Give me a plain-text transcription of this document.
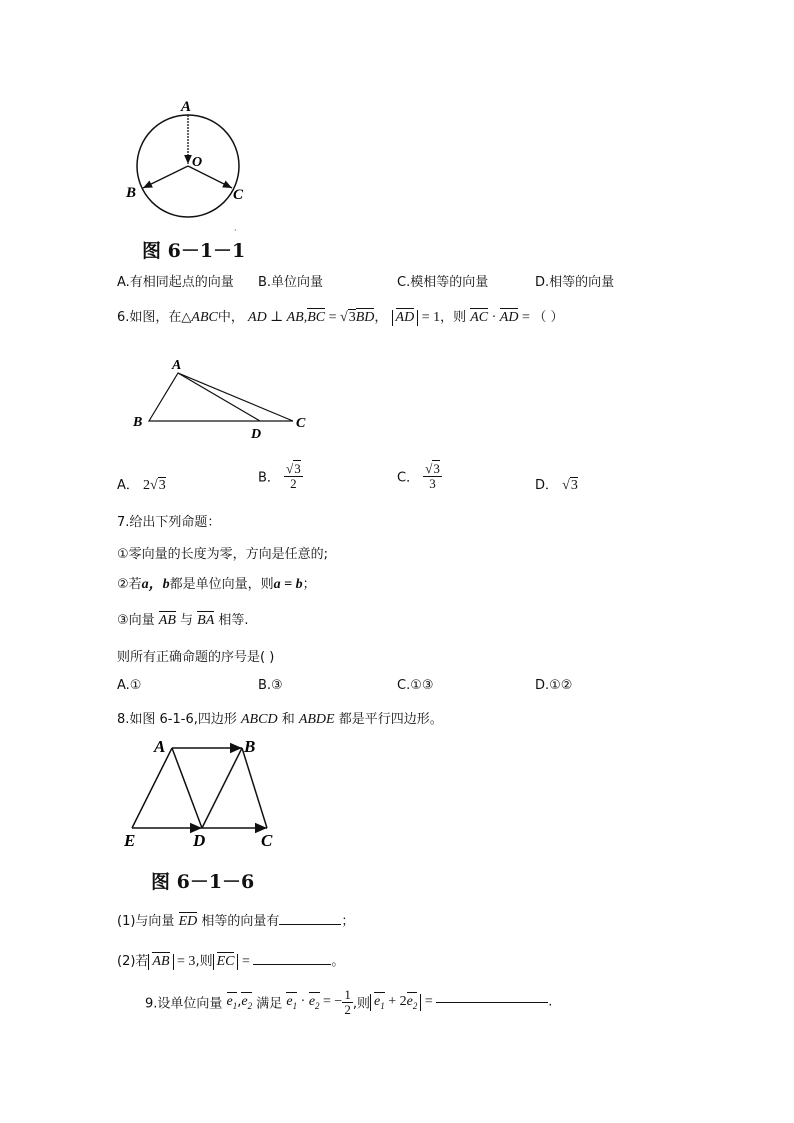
A
O
B	C
·
图 6－1－1
A.有相同起点的向量 B.单位向量	C.模相等的向量	D.相等的向量
6.如图，在△ABC中， AD ⊥ AB,BC = √3BD， AD = 1，则 AC · AD = （ ）
A
B
D
C
A． 2√3	B． $\frac{√3}{2}$	C． $\frac{√3}{3}$	D． √3
7.给出下列命题：
①零向量的长度为零，方向是任意的;
②若a，b都是单位向量，则a = b；
③向量 AB 与 BA 相等.
则所有正确命题的序号是( )
A.①	B.③	C.①③	D.①②
8.如图 6-1-6,四边形 ABCD 和 ABDE 都是平行四边形。
A	B
E	D	C
图 6－1－6
(1)与向量 ED 相等的向量有	；
(2)若 AB = 3,则 EC =	。
9.设单位向量 $e_1,e_2$ 满足 $e_1 \cdot e_2$ = − $\frac{1}{2}$ ,则 $e_1 + 2e_2$ =	.
